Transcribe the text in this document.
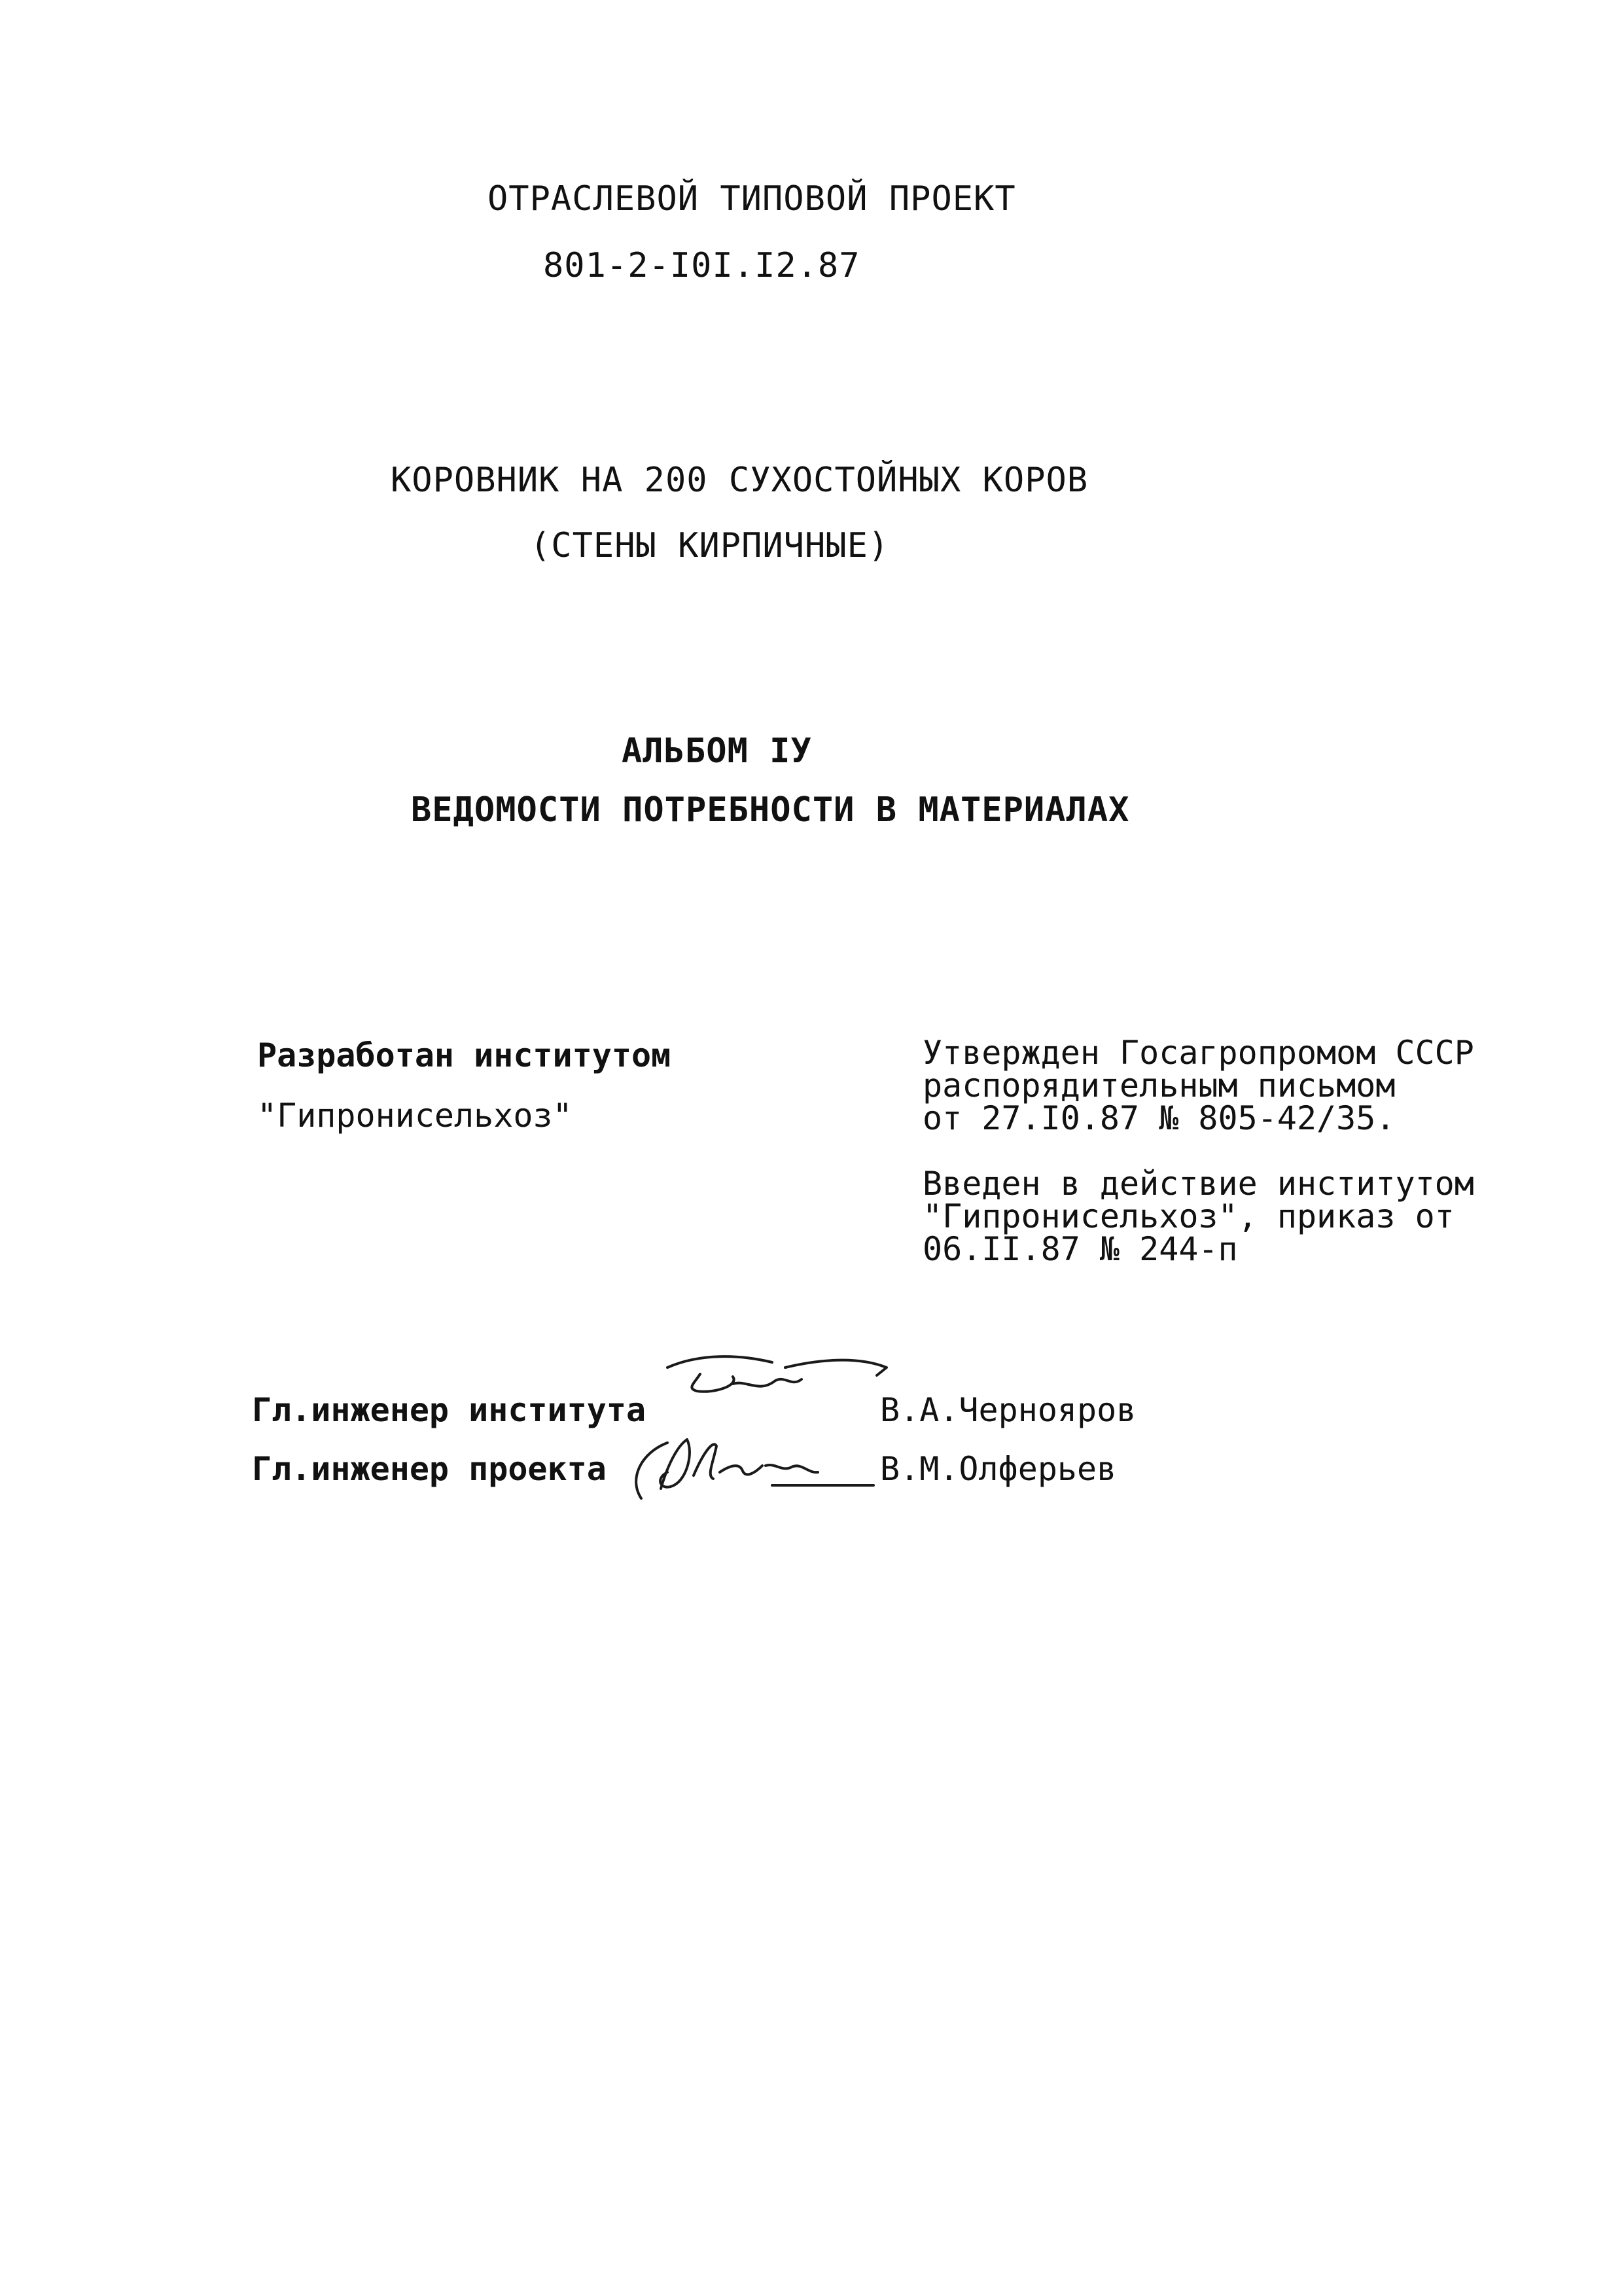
ОТРАСЛЕВОЙ ТИПОВОЙ ПРОЕКТ

801-2-I0I.I2.87

КОРОВНИК НА 200 СУХОСТОЙНЫХ КОРОВ

(СТЕНЫ КИРПИЧНЫЕ)

АЛЬБОМ IУ

ВЕДОМОСТИ ПОТРЕБНОСТИ В МАТЕРИАЛАХ

Разработан институтом

"Гипронисельхоз"

Утвержден Госагропромом СССР

распорядительным письмом

от 27.I0.87 № 805-42/35.

Введен в действие институтом

"Гипронисельхоз", приказ от

06.II.87 № 244-п

Гл.инженер института	В.А.Чернояров

Гл.инженер проекта	В.М.Олферьев
